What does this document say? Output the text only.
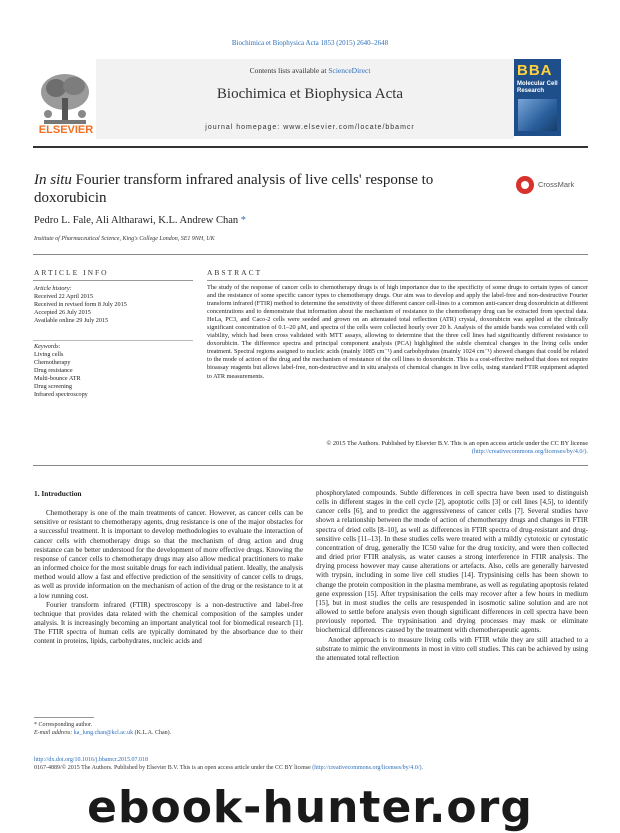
Biochimica et Biophysica Acta 1853 (2015) 2640–2648
Contents lists available at ScienceDirect
Biochimica et Biophysica Acta
journal homepage: www.elsevier.com/locate/bbamcr
ELSEVIER
BBA
Molecular Cell Research
In situ Fourier transform infrared analysis of live cells' response to doxorubicin
CrossMark
Pedro L. Fale, Ali Altharawi, K.L. Andrew Chan *
Institute of Pharmaceutical Science, King's College London, SE1 9NH, UK
ARTICLE INFO	ABSTRACT
Article history:
Received 22 April 2015
Received in revised form 8 July 2015
Accepted 26 July 2015
Available online 29 July 2015
Keywords:
Living cells
Chemotherapy
Drug resistance
Multi-bounce ATR
Drug screening
Infrared spectroscopy
The study of the response of cancer cells to chemotherapy drugs is of high importance due to the specificity of some drugs to certain types of cancer and the resistance of some specific cancer types to chemotherapy drugs. Our aim was to develop and apply the label-free and non-destructive Fourier transform infrared (FTIR) method to determine the sensitivity of three different cancer cell-lines to a common anti-cancer drug doxorubicin at different concentrations and to demonstrate that information about the mechanism of resistance to the chemotherapy drug can be extracted from spectral data. HeLa, PC3, and Caco-2 cells were seeded and grown on an attenuated total reflection (ATR) crystal, doxorubicin was applied at the clinically significant concentration of 0.1–20 μM, and spectra of the cells were collected hourly over 20 h. Analysis of the amide bands was correlated with cell viability, which had been cross validated with MTT assays, allowing to determine that the three cell lines had significantly different resistance to doxorubicin. The difference spectra and principal component analysis (PCA) highlighted the subtle chemical changes in the living cells under treatment. Spectral regions assigned to nucleic acids (mainly 1085 cm⁻¹) and carbohydrates (mainly 1024 cm⁻¹) showed changes that could be related to the mode of action of the drug and the mechanism of resistance of the cell lines to doxorubicin. This is a cost-effective method that does not require bioassay reagents but allows label-free, non-destructive and in situ analysis of chemical changes in live cells, using standard FTIR equipment adapted to ATR measurements.
© 2015 The Authors. Published by Elsevier B.V. This is an open access article under the CC BY license
(http://creativecommons.org/licenses/by/4.0/).

1. Introduction

Chemotherapy is one of the main treatments of cancer. However, as cancer cells can be sensitive or resistant to chemotherapy agents, drug resistance is one of the major obstacles for a successful treatment. It is important to develop methodologies to evaluate the interaction of cancer cells with chemotherapy drugs so that the mechanism of drug action and drug resistance can be better understood for the development of more effective drugs. Knowing the response of cancer cells to chemotherapy drugs may also allow medical practitioners to make an informed choice for the most suitable drugs for each individual patient. Ideally, the analysis method would allow a fast and effective prediction of the sensitivity of cancer cells to drugs, as well as provide information on the mechanism of action of the drug or the resistance to it at a low running cost.

Fourier transform infrared (FTIR) spectroscopy is a non-destructive and label-free technique that provides data related with the chemical composition of the samples under analysis. It is increasingly becoming an important analytical tool for biomedical research [1]. The FTIR spectra of human cells are typically dominated by the absorbance due to their content in proteins, lipids, carbohydrates, nucleic acids and

phosphorylated compounds. Subtle differences in cell spectra have been used to distinguish cells in different stages in the cell cycle [2], apoptotic cells [3] or cell lines [4,5], to identify cancer cells [6], and to predict the aggressiveness of cancer cells [7]. Several studies have shown a relationship between the mode of action of chemotherapy drugs and changes in FTIR spectra of dried cells [8–10], as well as differences in FTIR spectra of drug-resistant and drug-sensitive cells [11–13]. In these studies cells were treated with a mildly cytotoxic or cytostatic concentration of drug, generally the IC50 value for the drug toxicity, and were then collected and dried prior FTIR analysis, as water causes a strong interference in FTIR analysis. The drying process however may cause alterations or artefacts. Also, cells are generally harvested with trypsin, including in some live cell studies [14]. Trypsinising cells has been shown to change the protein composition in the plasma membrane, as well as regulating apoptosis related gene expression [15]. After trypsinisation the cells may recover after a few hours in medium [15], but in most studies the cells are resuspended in isosmotic saline solution and are not allowed to settle before analysis even though significant differences in cell spectra have been previously reported. The trypsinisation and drying processes may mask or eliminate biochemical differences caused by the treatment with chemotherapeutic agents.

Another approach is to measure living cells with FTIR while they are still attached to a substrate to mimic the environments in most in vitro cell studies. This can be achieved by using the attenuated total reflection

* Corresponding author.
E-mail address: ka_lung.chan@kcl.ac.uk (K.L.A. Chan).
http://dx.doi.org/10.1016/j.bbamcr.2015.07.018
0167-4889/© 2015 The Authors. Published by Elsevier B.V. This is an open access article under the CC BY license (http://creativecommons.org/licenses/by/4.0/).
ebook-hunter.org
